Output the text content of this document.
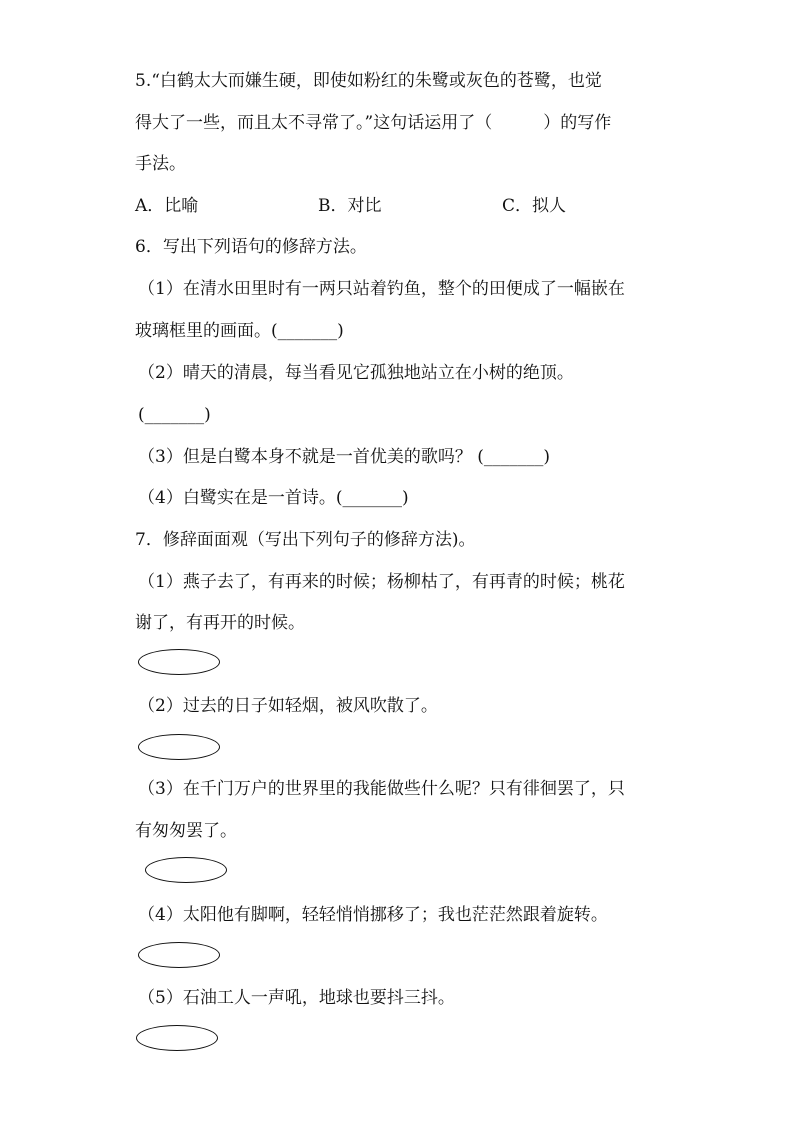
5.“白鹤太大而嫌生硬，即使如粉红的朱鹭或灰色的苍鹭，也觉
得大了一些，而且太不寻常了。”这句话运用了（　　　）的写作
手法。
A．比喻	B．对比	C．拟人
6．写出下列语句的修辞方法。
（1）在清水田里时有一两只站着钓鱼，整个的田便成了一幅嵌在
玻璃框里的画面。(_______)
（2）晴天的清晨，每当看见它孤独地站立在小树的绝顶。
(_______)
（3）但是白鹭本身不就是一首优美的歌吗？ (_______)
（4）白鹭实在是一首诗。(_______)
7．修辞面面观（写出下列句子的修辞方法)。
（1）燕子去了，有再来的时候；杨柳枯了，有再青的时候；桃花
谢了，有再开的时候。
（2）过去的日子如轻烟，被风吹散了。
（3）在千门万户的世界里的我能做些什么呢？只有徘徊罢了，只
有匆匆罢了。
（4）太阳他有脚啊，轻轻悄悄挪移了；我也茫茫然跟着旋转。
（5）石油工人一声吼，地球也要抖三抖。
